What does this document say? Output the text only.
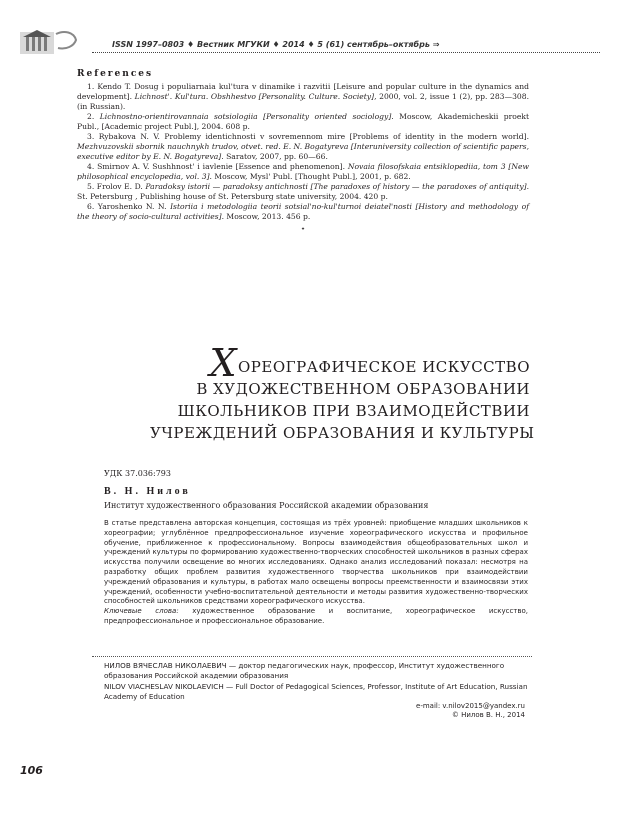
ISSN 1997–0803 ♦ Вестник МГУКИ ♦ 2014 ♦ 5 (61) сентябрь–октябрь ⇒
References
1. Kendo T. Dosug i populiarnaia kul'tura v dinamike i razvitii [Leisure and popular culture in the dynamics and development]. Lichnost'. Kul'tura. Obshhestvo [Personality. Culture. Society], 2000, vol. 2, issue 1 (2), pp. 283—308. (in Russian).
2. Lichnostno-orientirovannaia sotsiologiia [Personality oriented sociology]. Moscow, Akademicheskii proekt Publ., [Academic project Publ.], 2004. 608 p.
3. Rybakova N. V. Problemy identichnosti v sovremennom mire [Problems of identity in the modern world]. Mezhvuzovskii sbornik nauchnykh trudov, otvet. red. E. N. Bogatyreva [Interuniversity collection of scientific papers, executive editor by E. N. Bogatyreva]. Saratov, 2007, pp. 60—66.
4. Smirnov A. V. Sushhnost' i iavlenie [Essence and phenomenon]. Novaia filosofskaia entsiklopediia, tom 3 [New philosophical encyclopedia, vol. 3]. Moscow, Mysl' Publ. [Thought Publ.], 2001, p. 682.
5. Frolov E. D. Paradoksy istorii — paradoksy antichnosti [The paradoxes of history — the paradoxes of antiquity]. St. Petersburg , Publishing house of St. Petersburg state university, 2004. 420 p.
6. Yaroshenko N. N. Istoriia i metodologiia teorii sotsial'no-kul'turnoi deiatel'nosti [History and methodology of the theory of socio-cultural activities]. Moscow, 2013. 456 p.
⋆
ХОРЕОГРАФИЧЕСКОЕ ИСКУССТВО
В ХУДОЖЕСТВЕННОМ ОБРАЗОВАНИИ
ШКОЛЬНИКОВ ПРИ ВЗАИМОДЕЙСТВИИ
УЧРЕЖДЕНИЙ ОБРАЗОВАНИЯ И КУЛЬТУРЫ
УДК 37.036:793
В. Н. Нилов
Институт художественного образования Российской академии образования
В статье представлена авторская концепция, состоящая из трёх уровней: приобщение младших школьников к хореографии; углублённое предпрофессиональное изучение хореографического искусства и профильное обучение, приближенное к профессиональному. Вопросы взаимодействия общеобразовательных школ и учреждений культуры по формированию художественно-творческих способностей школьников в разных сферах искусства получили освещение во многих исследованиях. Однако анализ исследований показал: несмотря на разработку общих проблем развития художественного творчества школьников при взаимодействии учреждений образования и культуры, в работах мало освещены вопросы преемственности и взаимосвязи этих учреждений, особенности учебно-воспитательной деятельности и методы развития художественно-творческих способностей школьников средствами хореографического искусства.
Ключевые слова: художественное образование и воспитание, хореографическое искусство, предпрофессиональное и профессиональное образование.

НИЛОВ ВЯЧЕСЛАВ НИКОЛАЕВИЧ — доктор педагогических наук, профессор, Институт художественного образования Российской академии образования

NILOV VIACHESLAV NIKOLAEVICH — Full Doctor of Pedagogical Sciences, Professor, Institute of Art Education, Russian Academy of Education

e-mail: v.nilov2015@yandex.ru
© Нилов В. Н., 2014
106
